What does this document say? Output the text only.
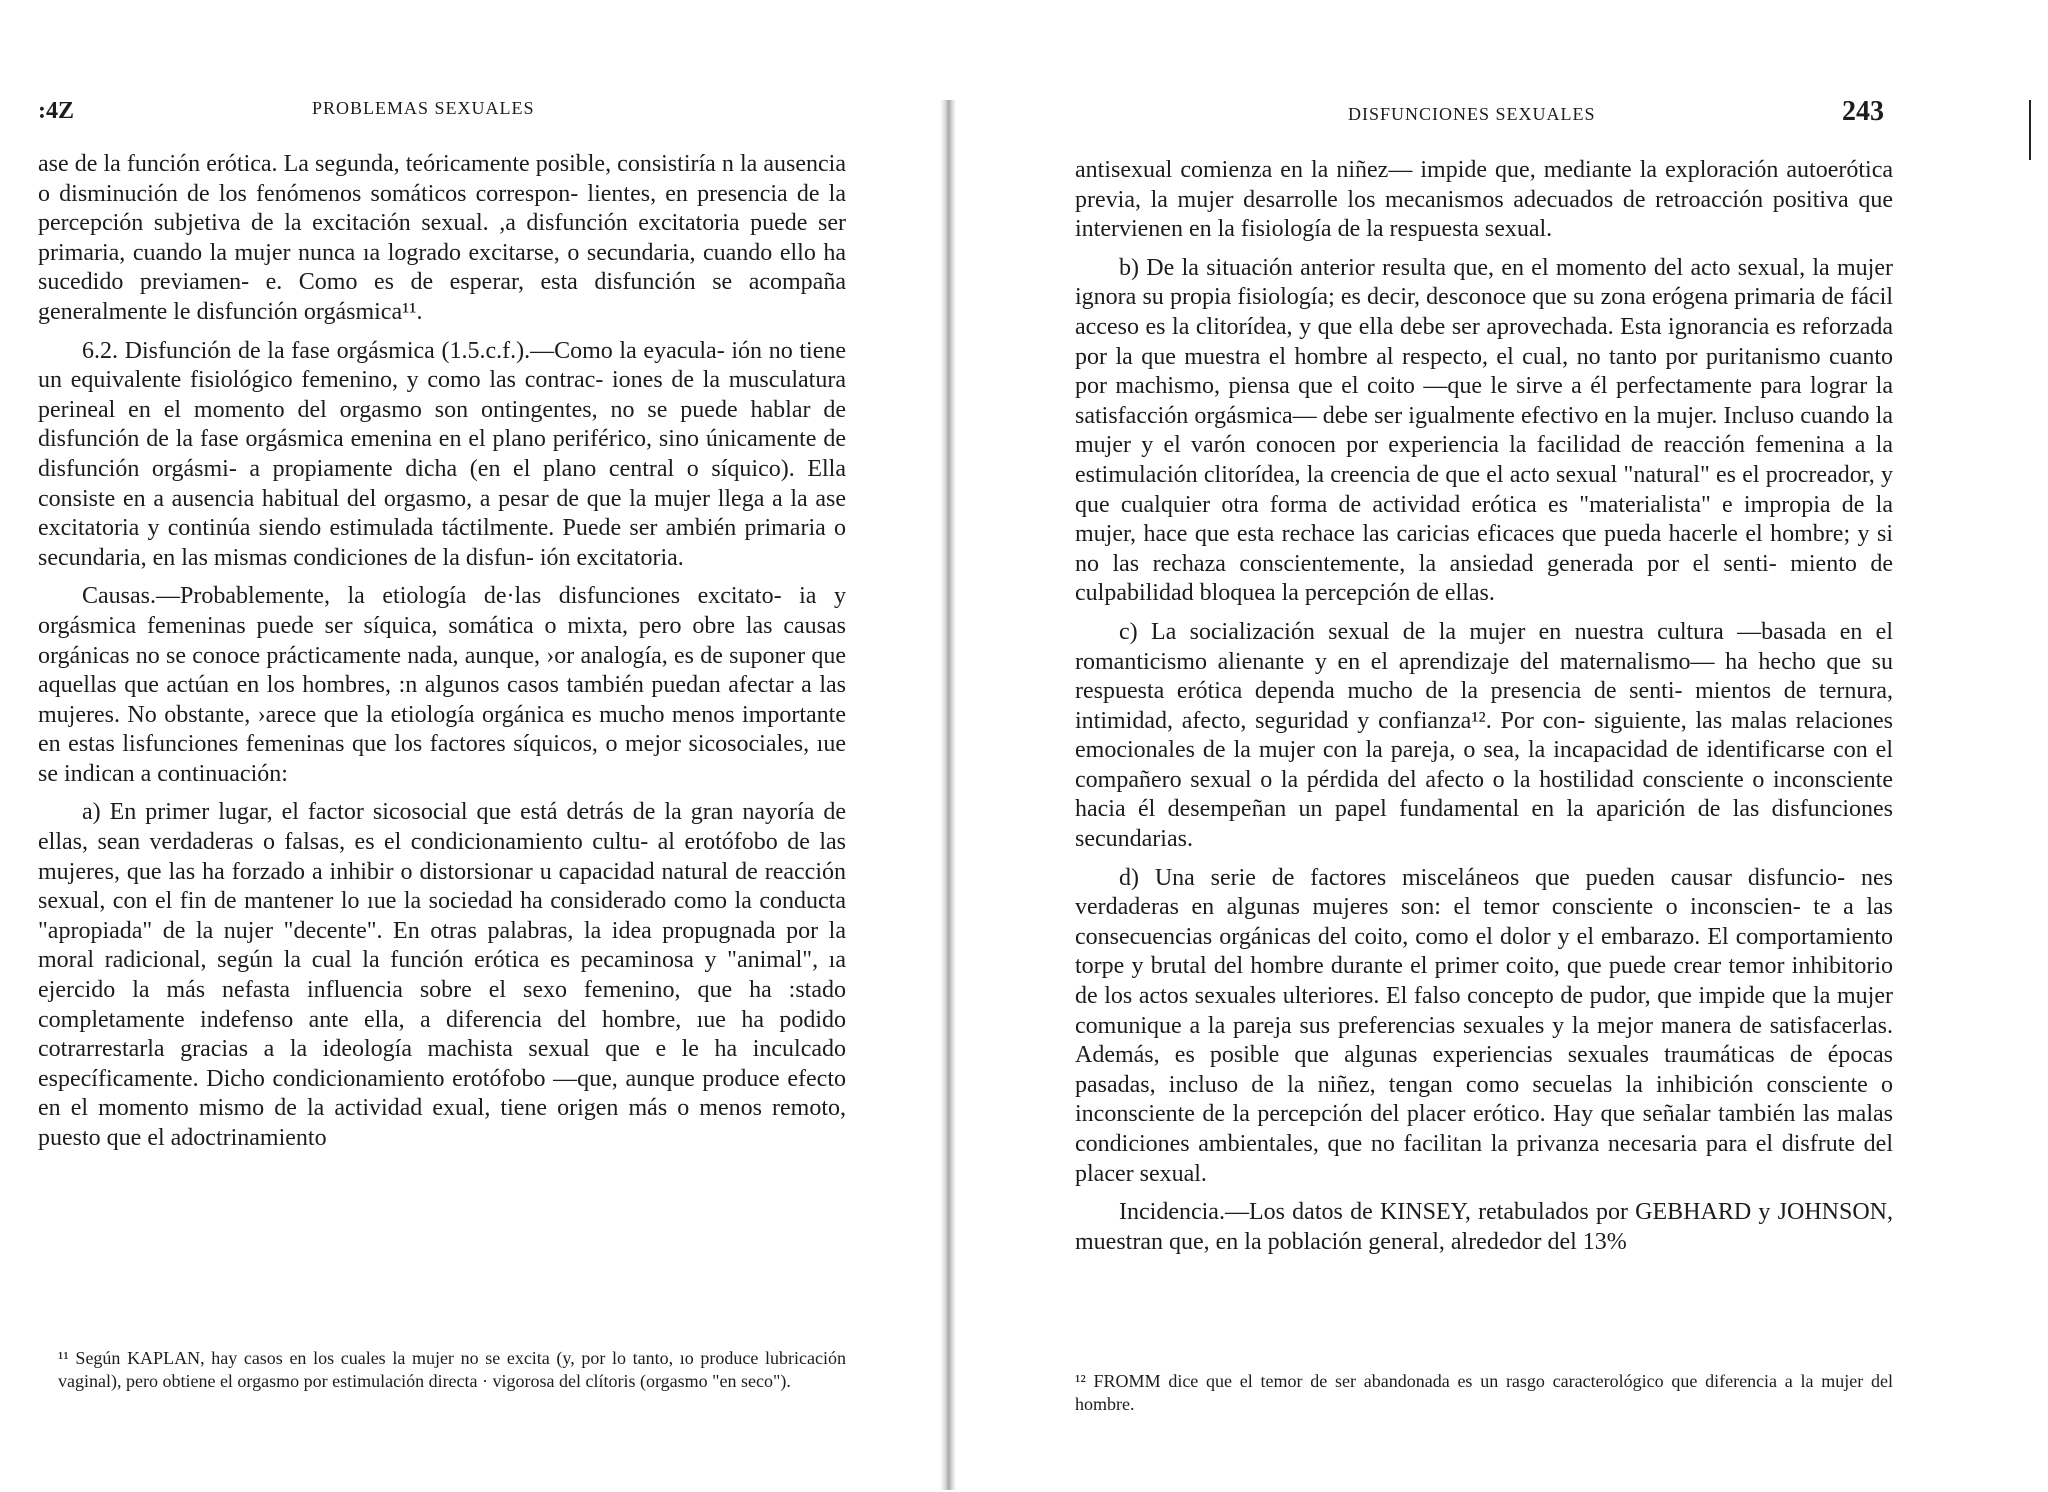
:4Z	PROBLEMAS SEXUALES

ase de la función erótica. La segunda, teóricamente posible, consistiría n la ausencia o disminución de los fenómenos somáticos correspon- lientes, en presencia de la percepción subjetiva de la excitación sexual. ,a disfunción excitatoria puede ser primaria, cuando la mujer nunca ıa logrado excitarse, o secundaria, cuando ello ha sucedido previamen- e. Como es de esperar, esta disfunción se acompaña generalmente le disfunción orgásmica¹¹.

6.2. Disfunción de la fase orgásmica (1.5.c.f.).—Como la eyacula- ión no tiene un equivalente fisiológico femenino, y como las contrac- iones de la musculatura perineal en el momento del orgasmo son ontingentes, no se puede hablar de disfunción de la fase orgásmica emenina en el plano periférico, sino únicamente de disfunción orgásmi- a propiamente dicha (en el plano central o síquico). Ella consiste en a ausencia habitual del orgasmo, a pesar de que la mujer llega a la ase excitatoria y continúa siendo estimulada táctilmente. Puede ser ambién primaria o secundaria, en las mismas condiciones de la disfun- ión excitatoria.

Causas.—Probablemente, la etiología de·las disfunciones excitato- ia y orgásmica femeninas puede ser síquica, somática o mixta, pero obre las causas orgánicas no se conoce prácticamente nada, aunque, ›or analogía, es de suponer que aquellas que actúan en los hombres, :n algunos casos también puedan afectar a las mujeres. No obstante, ›arece que la etiología orgánica es mucho menos importante en estas lisfunciones femeninas que los factores síquicos, o mejor sicosociales, ıue se indican a continuación:

a) En primer lugar, el factor sicosocial que está detrás de la gran nayoría de ellas, sean verdaderas o falsas, es el condicionamiento cultu- al erotófobo de las mujeres, que las ha forzado a inhibir o distorsionar u capacidad natural de reacción sexual, con el fin de mantener lo ıue la sociedad ha considerado como la conducta "apropiada" de la nujer "decente". En otras palabras, la idea propugnada por la moral radicional, según la cual la función erótica es pecaminosa y "animal", ıa ejercido la más nefasta influencia sobre el sexo femenino, que ha :stado completamente indefenso ante ella, a diferencia del hombre, ıue ha podido cotrarrestarla gracias a la ideología machista sexual que e le ha inculcado específicamente. Dicho condicionamiento erotófobo —que, aunque produce efecto en el momento mismo de la actividad exual, tiene origen más o menos remoto, puesto que el adoctrinamiento

¹¹ Según KAPLAN, hay casos en los cuales la mujer no se excita (y, por lo tanto, ıo produce lubricación vaginal), pero obtiene el orgasmo por estimulación directa · vigorosa del clítoris (orgasmo "en seco").

DISFUNCIONES SEXUALES	243

antisexual comienza en la niñez— impide que, mediante la exploración autoerótica previa, la mujer desarrolle los mecanismos adecuados de retroacción positiva que intervienen en la fisiología de la respuesta sexual.

b) De la situación anterior resulta que, en el momento del acto sexual, la mujer ignora su propia fisiología; es decir, desconoce que su zona erógena primaria de fácil acceso es la clitorídea, y que ella debe ser aprovechada. Esta ignorancia es reforzada por la que muestra el hombre al respecto, el cual, no tanto por puritanismo cuanto por machismo, piensa que el coito —que le sirve a él perfectamente para lograr la satisfacción orgásmica— debe ser igualmente efectivo en la mujer. Incluso cuando la mujer y el varón conocen por experiencia la facilidad de reacción femenina a la estimulación clitorídea, la creencia de que el acto sexual "natural" es el procreador, y que cualquier otra forma de actividad erótica es "materialista" e impropia de la mujer, hace que esta rechace las caricias eficaces que pueda hacerle el hombre; y si no las rechaza conscientemente, la ansiedad generada por el senti- miento de culpabilidad bloquea la percepción de ellas.

c) La socialización sexual de la mujer en nuestra cultura —basada en el romanticismo alienante y en el aprendizaje del maternalismo— ha hecho que su respuesta erótica dependa mucho de la presencia de senti- mientos de ternura, intimidad, afecto, seguridad y confianza¹². Por con- siguiente, las malas relaciones emocionales de la mujer con la pareja, o sea, la incapacidad de identificarse con el compañero sexual o la pérdida del afecto o la hostilidad consciente o inconsciente hacia él desempeñan un papel fundamental en la aparición de las disfunciones secundarias.

d) Una serie de factores misceláneos que pueden causar disfuncio- nes verdaderas en algunas mujeres son: el temor consciente o inconscien- te a las consecuencias orgánicas del coito, como el dolor y el embarazo. El comportamiento torpe y brutal del hombre durante el primer coito, que puede crear temor inhibitorio de los actos sexuales ulteriores. El falso concepto de pudor, que impide que la mujer comunique a la pareja sus preferencias sexuales y la mejor manera de satisfacerlas. Además, es posible que algunas experiencias sexuales traumáticas de épocas pasadas, incluso de la niñez, tengan como secuelas la inhibición consciente o inconsciente de la percepción del placer erótico. Hay que señalar también las malas condiciones ambientales, que no facilitan la privanza necesaria para el disfrute del placer sexual.

Incidencia.—Los datos de KINSEY, retabulados por GEBHARD y JOHNSON, muestran que, en la población general, alrededor del 13%

¹² FROMM dice que el temor de ser abandonada es un rasgo caracterológico que diferencia a la mujer del hombre.
